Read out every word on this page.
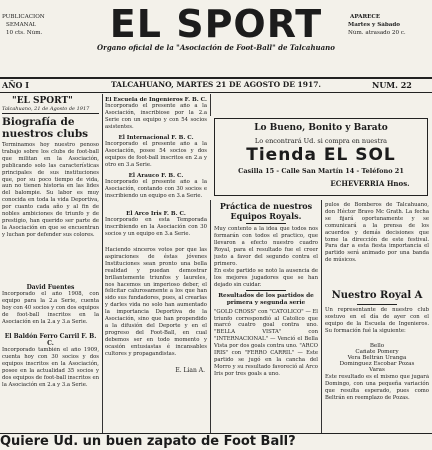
PUBLICACION
SEMANAL
10 cts. Núm.	EL SPORT	APARECE
Martes y Sábado
Núm. atrasado 20 c.
Organo oficial de la "Asociación de Foot-Ball" de Talcahuano
AÑO I	TALCAHUANO, MARTES 21 DE AGOSTO DE 1917.	NUM. 22
"EL SPORT"
Talcahuano, 21 de Agosto de 1917
Biografía de nuestros clubs
Terminamos hoy nuestro penoso trabajo sobre los clubs de foot-ball que militan en la Asociación, publicando solo las características principales de sus instituciones que, por su poco tiempo de vida, aun no tienen historia en las lides del balompie. Su labor es muy conocida en toda la vida Deportiva, por cuanto cada año y al fin de nobles ambiciones de triunfo y de prestigio, han querido ser parte de la Asociación en que se encuentran y luchan por defender sus colores.
David Fuentes
Incorporado el año 1908, con equipo para la 2.a Serie, cuenta hoy con 40 socios y con dos equipos de foot-ball inscritos en la Asociación en la 2.a y 3.a Serie.
El Baldón Ferro Carril F. B. C.
Incorporado también el año 1909, cuenta hoy con 30 socios y dos equipos inscritos en la Asociación, posee en la actualidad 35 socios y dos equipos de foot-ball inscritos en la Asociación en 2.a y 3.a Serie.
El Escuela de Ingenieros F. B. C.
Incorporado el presente año a la Asociación, inscribiose por la 2.a Serie con un equipo y con 54 socios asistentes.
El Internacional F. B. C.
Incorporado el presente año a la Asociación, posee 54 socios y dos equipos de foot-ball inscritos en 2.a y otro en 3.a Serie.
El Arauco F. B. C.
Incorporado el presente año a la Asociación, contando con 30 socios e inscribiendo un equipo en 3.a Serie.
El Arco Iris F. B. C.
Incorporado en esta Temporada inscribiendo en la Asociación con 30 socios y un equipo en 3.a Serie.
Haciendo sinceros votos por que las aspiraciones de éstas jóvenes Instituciones sean pronto una bella realidad y puedan demostrar brillantemente triunfos y laureles, nos hacemos un imperioso deber, el felicitar calurosamente a los que han sido sus fundadores, pues, al crearlas y darles vida no solo han aumentado la importancia Deportiva de la Asociación, sino que han propendido a la difusión del Deporte y en el progreso del Foot-Ball, en cual debemos ser en todo momento y ocasión entusiastas é incansables cultores y propagandistas.
E. Lian A.
Lo Bueno, Bonito y Barato
Lo encontrará Ud. si compra en nuestra
Tienda EL SOL
Casilla 15 - Calle San Martín 14 - Teléfono 21
ECHEVERRIA Hnos.
Práctica de nuestros Equipos Royals.
Muy contento a la idea que todos nos formarán con todos el practico, que llevaron a efecto nuestro cuadro Royal, para el resultado fue el creer justo a favor del segundo contra el primero.
En este partido se notó la ausencia de los mejores jugadores que se han dejado sin cuidar.
Resultados de los partidos de primera y segunda serie
"GOLD CROSS" con "CATOLICO" — El triunfo correspondió al Catolico que marcó cuatro goal contra uno. "BELLA VISTA" con "INTERNACIONAL" — Venció el Bella Vista por dos goals contra uno. "ARCO IRIS" con "FERRO CARRIL" — Este partido se jugó en la cancha del Morro y su resultado favoreció al Arco Iris por tres goals a uno.
pulos de Bomberos de Talcahuano, don Héctor Bravo Mc Grath. La fecha se fijará oportunamente y se comunicará a la prensa de los acuerdos y demás decisiones que tome la dirección de este festival. Para dar a esta fiesta importancia el partido será animado por una banda de músicos.
Nuestro Royal A
Un representante de nuestro club sostuvo en el día de ayer con el equipo de la Escuela de Ingenieros. Su formación fué la siguiente:
Bello
Cañate Pomery
Vera Beltrán Uranga
Domínguez Escobar Pozas
Varas
Este resultado es el mismo que jugará Domingo, con una pequeña variación que resulta esperado, pues como Beltrán en reemplazo de Pozas.
Quiere Ud. un buen zapato de Foot Ball?
